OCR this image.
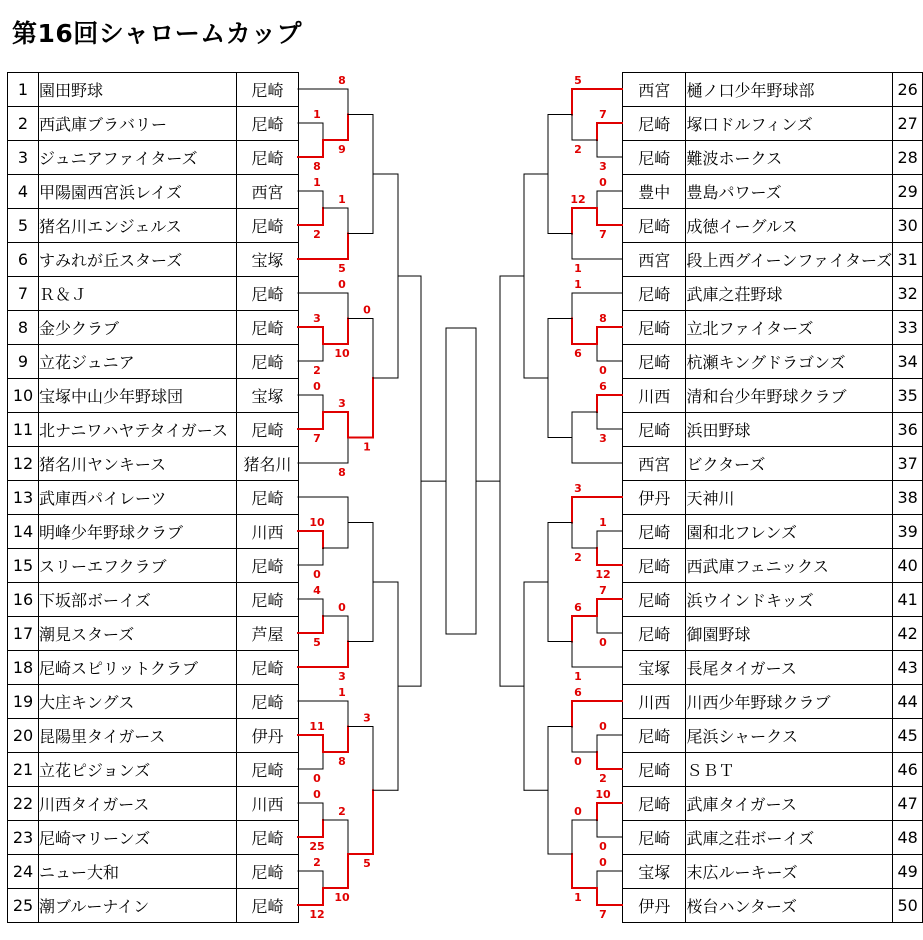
第16回シャロームカップ
1	園田野球	尼崎
2	西武庫ブラバリー	尼崎
3	ジュニアファイターズ	尼崎
4	甲陽園西宮浜レイズ	西宮
5	猪名川エンジェルス	尼崎
6	すみれが丘スターズ	宝塚
7	Ｒ＆Ｊ	尼崎
8	金少クラブ	尼崎
9	立花ジュニア	尼崎
10	宝塚中山少年野球団	宝塚
11	北ナニワハヤテタイガース	尼崎
12	猪名川ヤンキース	猪名川
13	武庫西パイレーツ	尼崎
14	明峰少年野球クラブ	川西
15	スリーエフクラブ	尼崎
16	下坂部ボーイズ	尼崎
17	潮見スターズ	芦屋
18	尼崎スピリットクラブ	尼崎
19	大庄キングス	尼崎
20	昆陽里タイガース	伊丹
21	立花ピジョンズ	尼崎
22	川西タイガース	川西
23	尼崎マリーンズ	尼崎
24	ニュー大和	尼崎
25	潮ブルーナイン	尼崎
西宮	樋ノ口少年野球部	26
尼崎	塚口ドルフィンズ	27
尼崎	難波ホークス	28
豊中	豊島パワーズ	29
尼崎	成徳イーグルス	30
西宮	段上西グイーンファイターズ	31
尼崎	武庫之荘野球	32
尼崎	立北ファイターズ	33
尼崎	杭瀬キングドラゴンズ	34
川西	清和台少年野球クラブ	35
尼崎	浜田野球	36
西宮	ビクターズ	37
伊丹	天神川	38
尼崎	園和北フレンズ	39
尼崎	西武庫フェニックス	40
尼崎	浜ウインドキッズ	41
尼崎	御園野球	42
宝塚	長尾タイガース	43
川西	川西少年野球クラブ	44
尼崎	尾浜シャークス	45
尼崎	ＳＢＴ	46
尼崎	武庫タイガース	47
尼崎	武庫之荘ボーイズ	48
宝塚	末広ルーキーズ	49
伊丹	桜台ハンターズ	50
1
8
1
2
3
2
0
7
10
0
4
5
11
0
0
25
2
12
8
9
1
5
0
10
3
8
0
3
1
8
2
10
0
1
3
5
7
3
0
7
8
0
6
3
1
12
7
0
0
2
10
0
0
7
5
2
12
1
1
6
3
2
6
1
6
0
0
1
